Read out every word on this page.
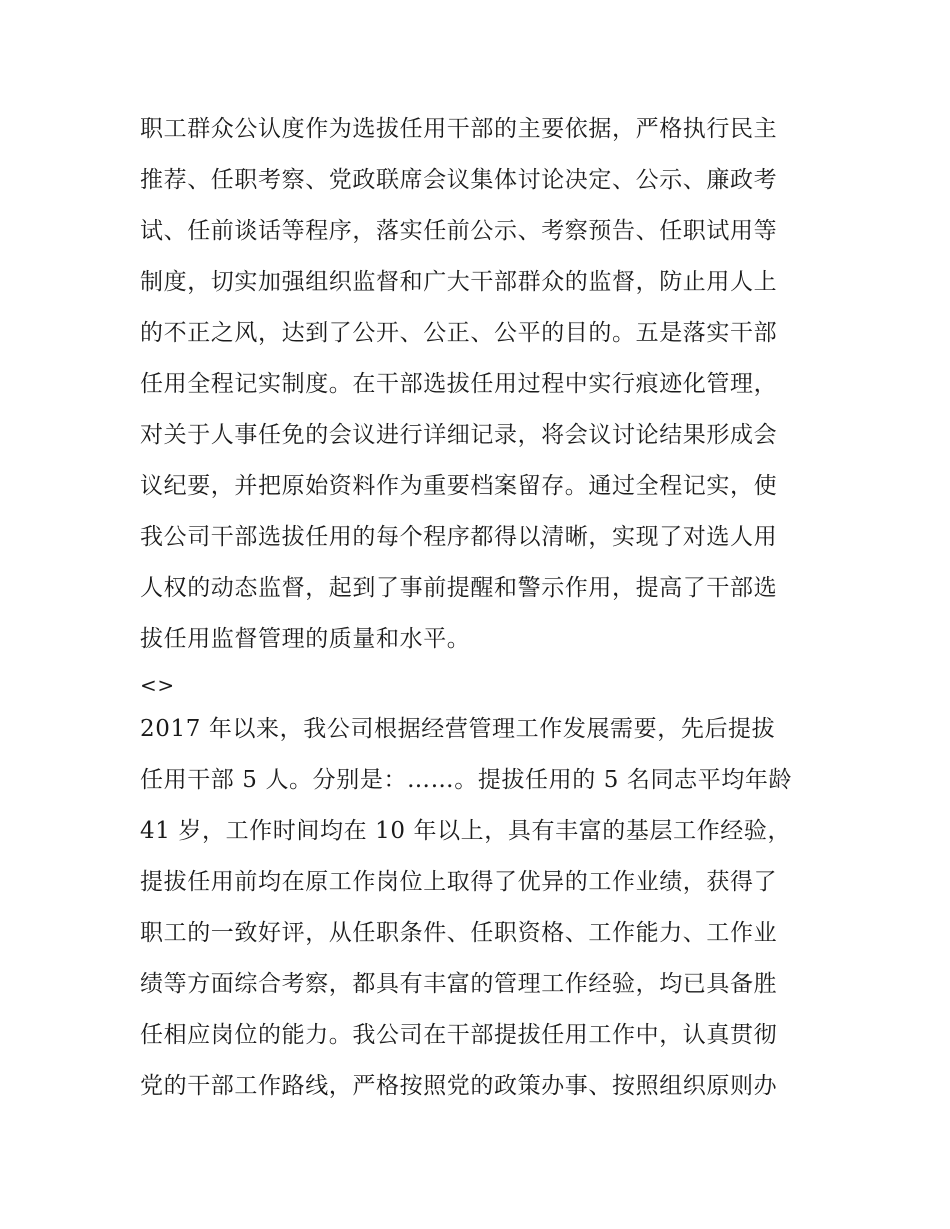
职工群众公认度作为选拔任用干部的主要依据，严格执行民主
推荐、任职考察、党政联席会议集体讨论决定、公示、廉政考
试、任前谈话等程序，落实任前公示、考察预告、任职试用等
制度，切实加强组织监督和广大干部群众的监督，防止用人上
的不正之风，达到了公开、公正、公平的目的。五是落实干部
任用全程记实制度。在干部选拔任用过程中实行痕迹化管理，
对关于人事任免的会议进行详细记录，将会议讨论结果形成会
议纪要，并把原始资料作为重要档案留存。通过全程记实，使
我公司干部选拔任用的每个程序都得以清晰，实现了对选人用
人权的动态监督，起到了事前提醒和警示作用，提高了干部选
拔任用监督管理的质量和水平。
<>
2017 年以来，我公司根据经营管理工作发展需要，先后提拔
任用干部 5 人。分别是：……。提拔任用的 5 名同志平均年龄
41 岁，工作时间均在 10 年以上，具有丰富的基层工作经验，
提拔任用前均在原工作岗位上取得了优异的工作业绩，获得了
职工的一致好评，从任职条件、任职资格、工作能力、工作业
绩等方面综合考察，都具有丰富的管理工作经验，均已具备胜
任相应岗位的能力。我公司在干部提拔任用工作中，认真贯彻
党的干部工作路线，严格按照党的政策办事、按照组织原则办
